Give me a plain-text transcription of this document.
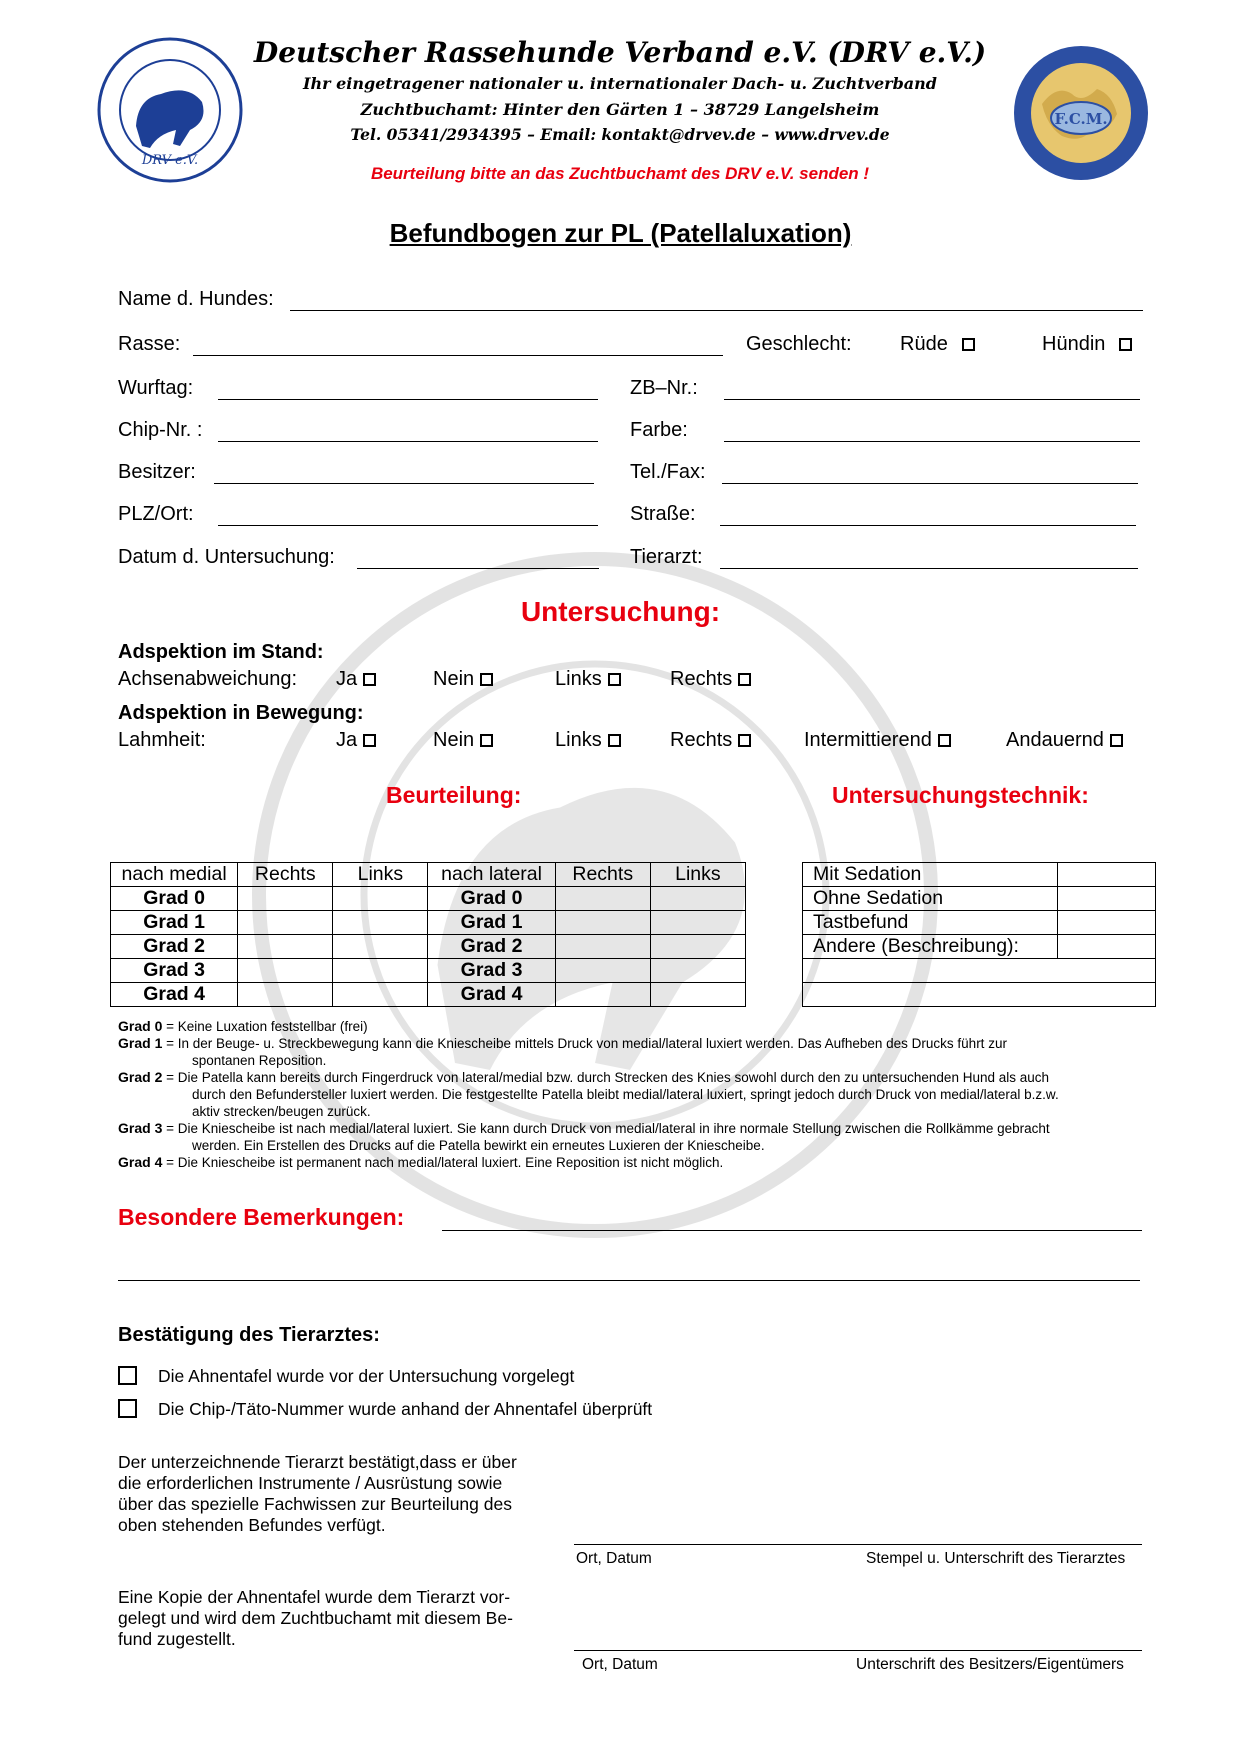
DRV e.V.
Deutscher Rassehunde Verband e.V. (DRV e.V.)
Ihr eingetragener nationaler u. internationaler Dach- u. Zuchtverband
Zuchtbuchamt: Hinter den Gärten 1 – 38729 Langelsheim
Tel. 05341/2934395 – Email: kontakt@drvev.de – www.drvev.de
Beurteilung bitte an das Zuchtbuchamt des DRV e.V. senden !
F.C.M.
Befundbogen zur PL (Patellaluxation)
Name d. Hundes:
Rasse:	Geschlecht: Rüde	Hündin
Wurftag:	ZB–Nr.:
Chip-Nr. :	Farbe:
Besitzer:	Tel./Fax:
PLZ/Ort:	Straße:
Datum d. Untersuchung:	Tierarzt:
Untersuchung:
Adspektion im Stand:
Achsenabweichung: Ja	Nein	Links	Rechts
Adspektion in Bewegung:
Lahmheit:	Ja	Nein	Links	Rechts	Intermittierend	Andauernd
Beurteilung:	Untersuchungstechnik:
nach medial	Rechts	Links	nach lateral	Rechts	Links
Grad 0			Grad 0		
Grad 1			Grad 1		
Grad 2			Grad 2		
Grad 3			Grad 3		
Grad 4			Grad 4		
Mit Sedation	
Ohne Sedation	
Tastbefund	
Andere (Beschreibung):	

Grad 0 = Keine Luxation feststellbar (frei)
Grad 1 = In der Beuge- u. Streckbewegung kann die Kniescheibe mittels Druck von medial/lateral luxiert werden. Das Aufheben des Drucks führt zur
spontanen Reposition.
Grad 2 = Die Patella kann bereits durch Fingerdruck von lateral/medial bzw. durch Strecken des Knies sowohl durch den zu untersuchenden Hund als auch
durch den Befundersteller luxiert werden. Die festgestellte Patella bleibt medial/lateral luxiert, springt jedoch durch Druck von medial/lateral b.z.w.
aktiv strecken/beugen zurück.
Grad 3 = Die Kniescheibe ist nach medial/lateral luxiert. Sie kann durch Druck von medial/lateral in ihre normale Stellung zwischen die Rollkämme gebracht
werden. Ein Erstellen des Drucks auf die Patella bewirkt ein erneutes Luxieren der Kniescheibe.
Grad 4 = Die Kniescheibe ist permanent nach medial/lateral luxiert. Eine Reposition ist nicht möglich.
Besondere Bemerkungen:
Bestätigung des Tierarztes:
Die Ahnentafel wurde vor der Untersuchung vorgelegt
Die Chip-/Täto-Nummer wurde anhand der Ahnentafel überprüft
Der unterzeichnende Tierarzt bestätigt,dass er über
die erforderlichen Instrumente / Ausrüstung sowie
über das spezielle Fachwissen zur Beurteilung des
oben stehenden Befundes verfügt.
Ort, Datum	Stempel u. Unterschrift des Tierarztes
Eine Kopie der Ahnentafel wurde dem Tierarzt vor-
gelegt und wird dem Zuchtbuchamt mit diesem Be-
fund zugestellt.
Ort, Datum	Unterschrift des Besitzers/Eigentümers
